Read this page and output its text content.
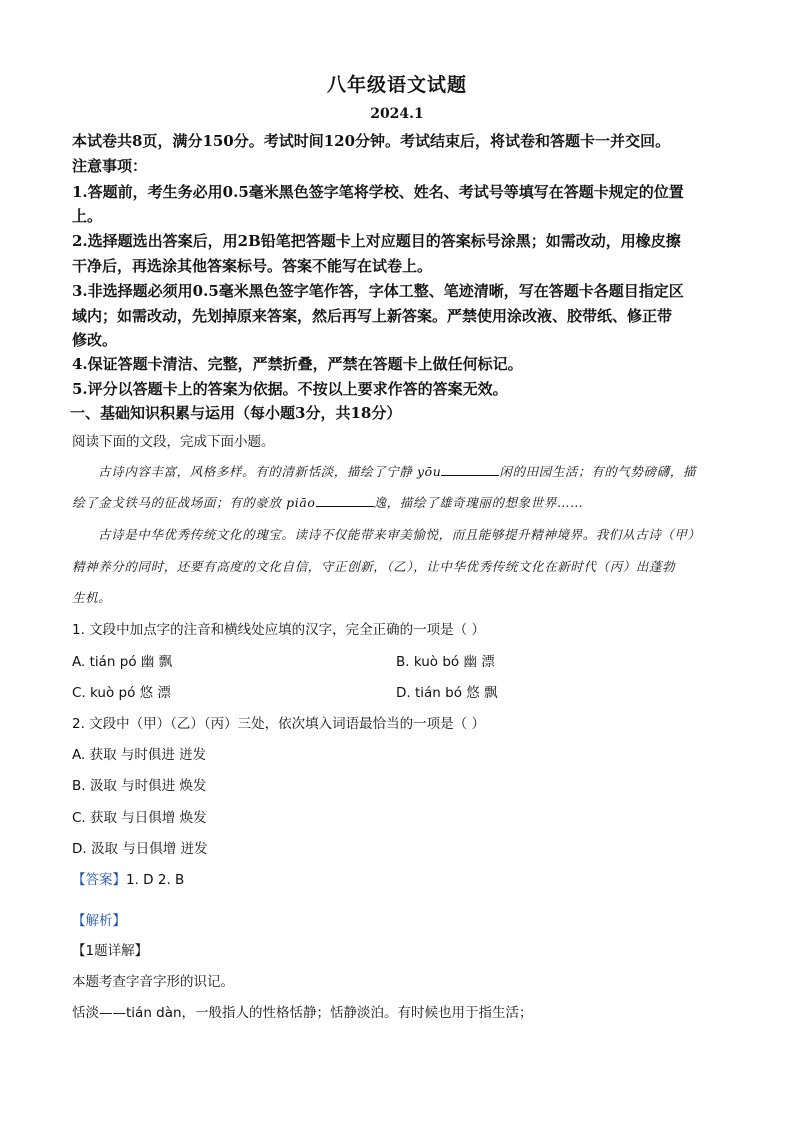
八年级语文试题
2024.1
本试卷共8页，满分150分。考试时间120分钟。考试结束后，将试卷和答题卡一并交回。
注意事项：
1.答题前，考生务必用0.5毫米黑色签字笔将学校、姓名、考试号等填写在答题卡规定的位置
上。
2.选择题选出答案后，用2B铅笔把答题卡上对应题目的答案标号涂黑；如需改动，用橡皮擦
干净后，再选涂其他答案标号。答案不能写在试卷上。
3.非选择题必须用0.5毫米黑色签字笔作答，字体工整、笔迹清晰，写在答题卡各题目指定区
域内；如需改动，先划掉原来答案，然后再写上新答案。严禁使用涂改液、胶带纸、修正带
修改。
4.保证答题卡清洁、完整，严禁折叠，严禁在答题卡上做任何标记。
5.评分以答题卡上的答案为依据。不按以上要求作答的答案无效。
一、基础知识积累与运用（每小题3分，共18分）
阅读下面的文段，完成下面小题。
古诗内容丰富，风格多样。有的清新恬淡，描绘了宁静 yōu	闲的田园生活；有的气势磅礴，描
绘了金戈铁马的征战场面；有的豪放 piāo	逸，描绘了雄奇瑰丽的想象世界……
古诗是中华优秀传统文化的瑰宝。读诗不仅能带来审美愉悦，而且能够提升精神境界。我们从古诗（甲）
精神养分的同时，还要有高度的文化自信，守正创新，（乙），让中华优秀传统文化在新时代（丙）出蓬勃
生机。
1. 文段中加点字的注音和横线处应填的汉字，完全正确的一项是（ ）
A. tián pó 幽 飘	B. kuò bó 幽 漂
C. kuò pó 悠 漂	D. tián bó 悠 飘
2. 文段中（甲）（乙）（丙）三处，依次填入词语最恰当的一项是（ ）
A. 获取 与时俱进 迸发
B. 汲取 与时俱进 焕发
C. 获取 与日俱增 焕发
D. 汲取 与日俱增 迸发
【答案】1. D 2. B
【解析】
【1题详解】
本题考查字音字形的识记。
恬淡——tián dàn，一般指人的性格恬静；恬静淡泊。有时候也用于指生活；
